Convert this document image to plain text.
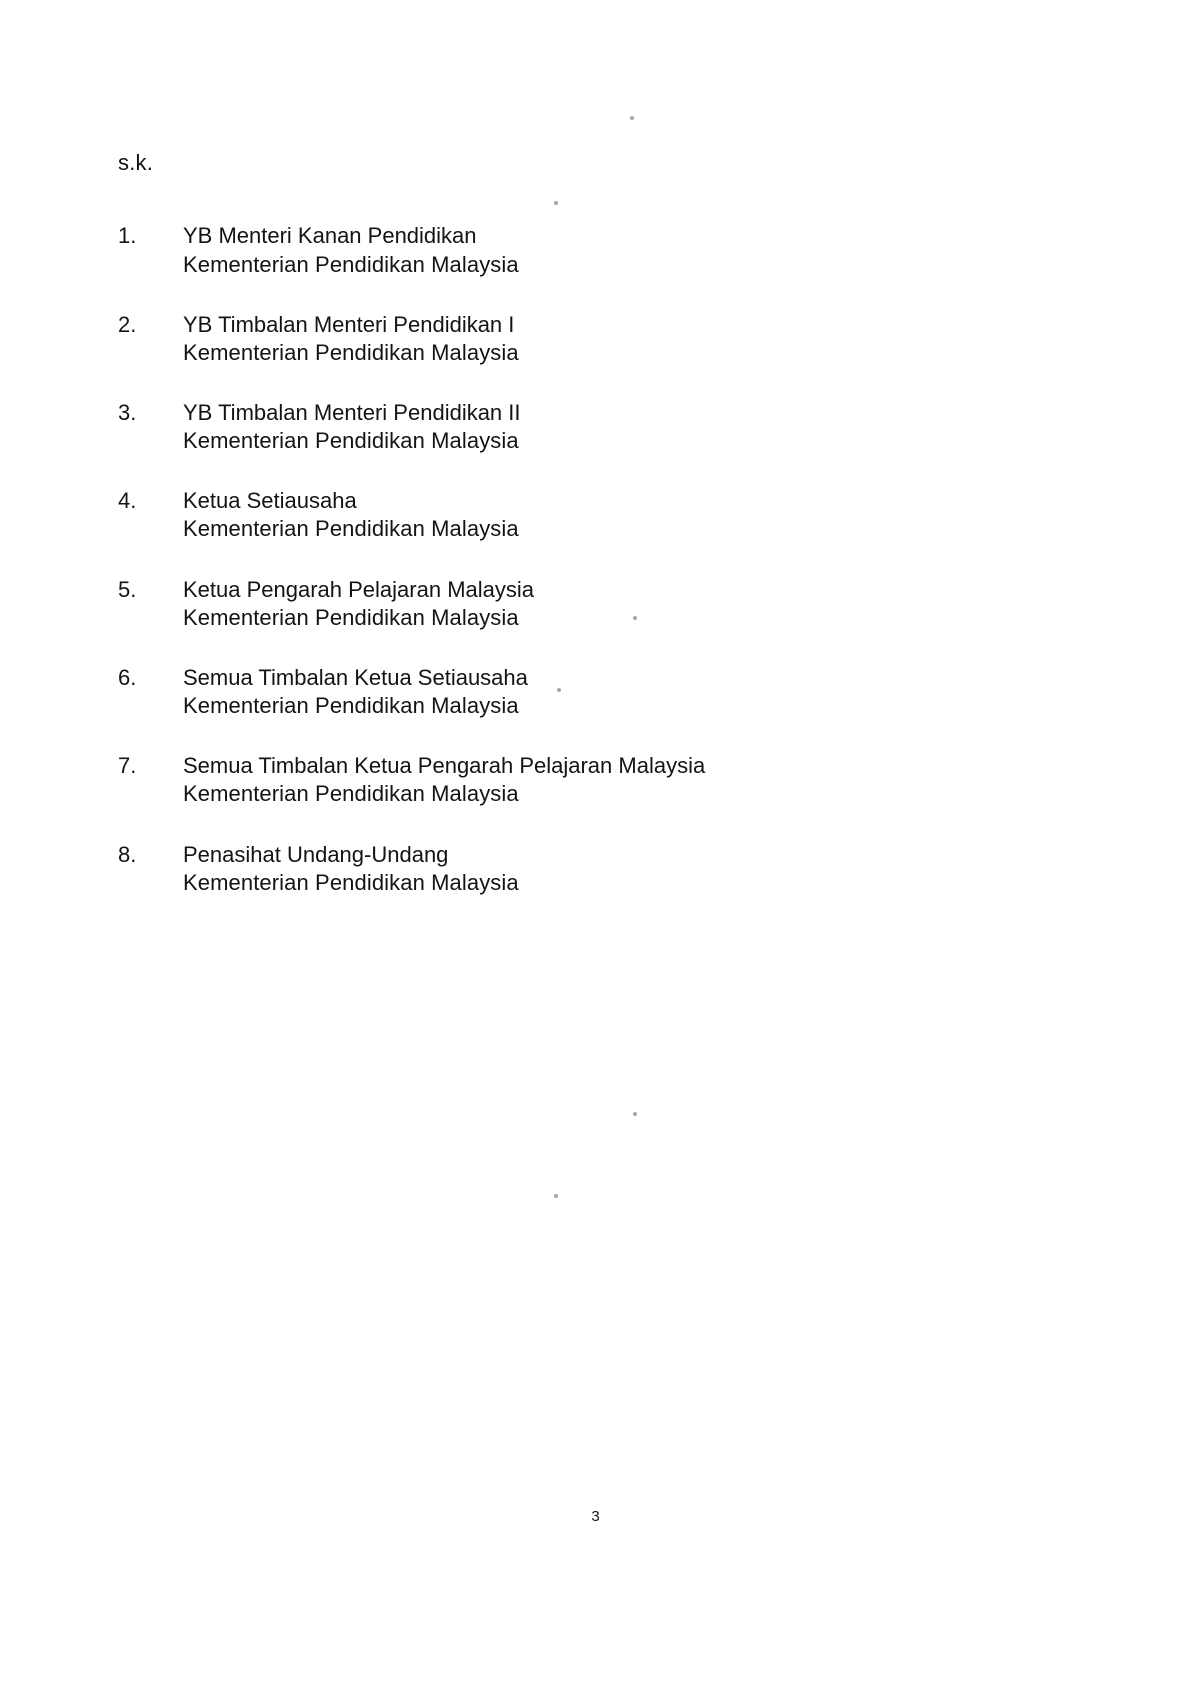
s.k.
1.	YB Menteri Kanan Pendidikan
Kementerian Pendidikan Malaysia
2.	YB Timbalan Menteri Pendidikan I
Kementerian Pendidikan Malaysia
3.	YB Timbalan Menteri Pendidikan II
Kementerian Pendidikan Malaysia
4.	Ketua Setiausaha
Kementerian Pendidikan Malaysia
5.	Ketua Pengarah Pelajaran Malaysia
Kementerian Pendidikan Malaysia
6.	Semua Timbalan Ketua Setiausaha
Kementerian Pendidikan Malaysia
7.	Semua Timbalan Ketua Pengarah Pelajaran Malaysia
Kementerian Pendidikan Malaysia
8.	Penasihat Undang-Undang
Kementerian Pendidikan Malaysia
3
